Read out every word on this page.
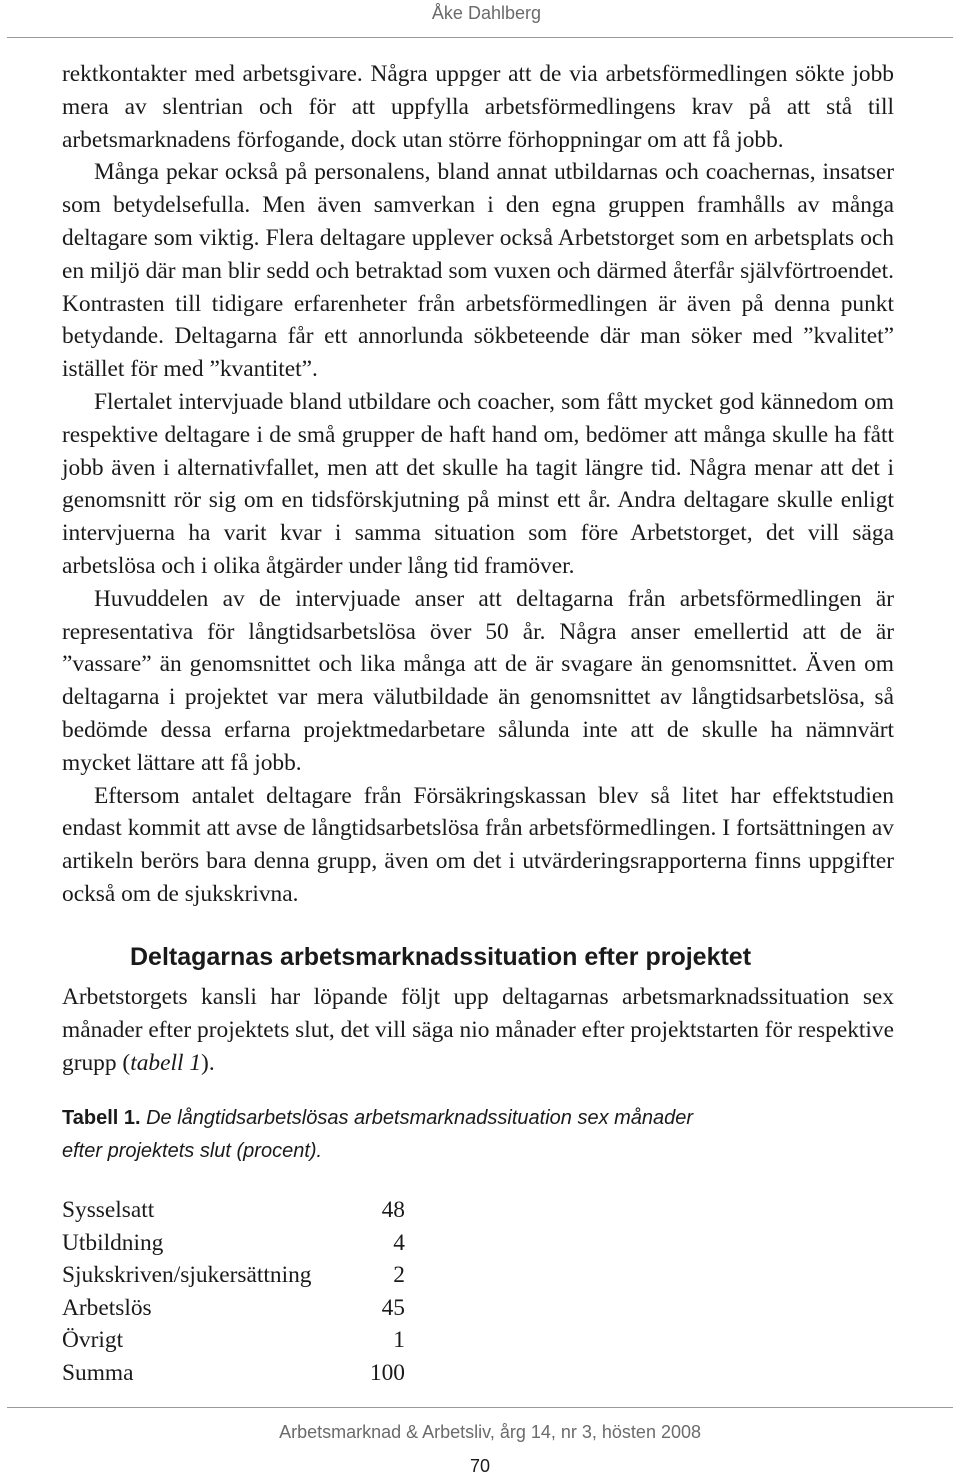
Åke Dahlberg

rektkontakter med arbetsgivare. Några uppger att de via arbetsförmedlingen sökte jobb mera av slentrian och för att uppfylla arbetsförmedlingens krav på att stå till arbetsmarknadens förfogande, dock utan större förhoppningar om att få jobb.

Många pekar också på personalens, bland annat utbildarnas och coachernas, insatser som betydelsefulla. Men även samverkan i den egna gruppen framhålls av många deltagare som viktig. Flera deltagare upplever också Arbetstorget som en arbetsplats och en miljö där man blir sedd och betraktad som vuxen och därmed återfår självförtroendet. Kontrasten till tidigare erfarenheter från arbetsförmedlingen är även på denna punkt betydande. Deltagarna får ett annorlunda sökbeteende där man söker med ”kvalitet” istället för med ”kvantitet”.

Flertalet intervjuade bland utbildare och coacher, som fått mycket god kännedom om respektive deltagare i de små grupper de haft hand om, bedömer att många skulle ha fått jobb även i alternativfallet, men att det skulle ha tagit längre tid. Några menar att det i genomsnitt rör sig om en tidsförskjutning på minst ett år. Andra deltagare skulle enligt intervjuerna ha varit kvar i samma situation som före Arbetstorget, det vill säga arbetslösa och i olika åtgärder under lång tid framöver.

Huvuddelen av de intervjuade anser att deltagarna från arbetsförmedlingen är representativa för långtidsarbetslösa över 50 år. Några anser emellertid att de är ”vassare” än genomsnittet och lika många att de är svagare än genomsnittet. Även om deltagarna i projektet var mera välutbildade än genomsnittet av långtidsarbetslösa, så bedömde dessa erfarna projektmedarbetare sålunda inte att de skulle ha nämnvärt mycket lättare att få jobb.

Eftersom antalet deltagare från Försäkringskassan blev så litet har effektstudien endast kommit att avse de långtidsarbetslösa från arbetsförmedlingen. I fortsättningen av artikeln berörs bara denna grupp, även om det i utvärderingsrapporterna finns uppgifter också om de sjukskrivna.

Deltagarnas arbetsmarknadssituation efter projektet

Arbetstorgets kansli har löpande följt upp deltagarnas arbetsmarknadssituation sex månader efter projektets slut, det vill säga nio månader efter projektstarten för respektive grupp (tabell 1).

Tabell 1. De långtidsarbetslösas arbetsmarknadssituation sex månader efter projektets slut (procent).

Sysselsatt	48
Utbildning	4
Sjukskriven/sjukersättning	2
Arbetslös	45
Övrigt	1
Summa	100
Arbetsmarknad & Arbetsliv, årg 14, nr 3, hösten 2008
70
